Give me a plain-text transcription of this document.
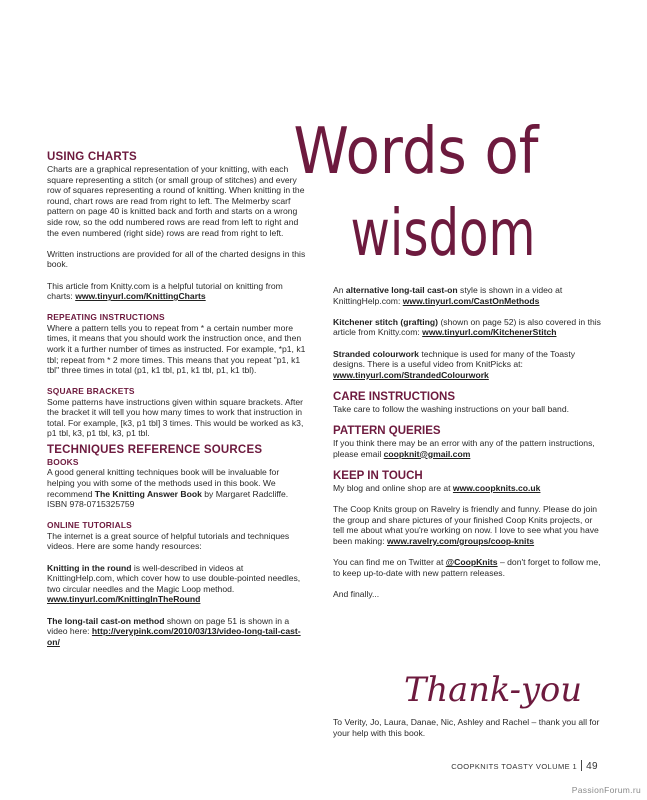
Words of
wisdom

USING CHARTS

Charts are a graphical representation of your knitting, with each square representing a stitch (or small group of stitches) and every row of squares representing a round of knitting. When knitting in the round, chart rows are read from right to left. The Melmerby scarf pattern on page 40 is knitted back and forth and starts on a wrong side row, so the odd numbered rows are read from left to right and the even numbered (right side) rows are read from right to left.

Written instructions are provided for all of the charted designs in this book.

This article from Knitty.com is a helpful tutorial on knitting from charts: www.tinyurl.com/KnittingCharts

REPEATING INSTRUCTIONS

Where a pattern tells you to repeat from * a certain number more times, it means that you should work the instruction once, and then work it a further number of times as instructed. For example, *p1, k1 tbl; repeat from * 2 more times. This means that you repeat "p1, k1 tbl" three times in total (p1, k1 tbl, p1, k1 tbl, p1, k1 tbl).

SQUARE BRACKETS

Some patterns have instructions given within square brackets. After the bracket it will tell you how many times to work that instruction in total. For example, [k3, p1 tbl] 3 times. This would be worked as k3, p1 tbl, k3, p1 tbl, k3, p1 tbl.

TECHNIQUES REFERENCE SOURCES

BOOKS

A good general knitting techniques book will be invaluable for helping you with some of the methods used in this book. We recommend The Knitting Answer Book by Margaret Radcliffe. ISBN 978-0715325759

ONLINE TUTORIALS

The internet is a great source of helpful tutorials and techniques videos. Here are some handy resources:

Knitting in the round is well-described in videos at KnittingHelp.com, which cover how to use double-pointed needles, two circular needles and the Magic Loop method. www.tinyurl.com/KnittingInTheRound

The long-tail cast-on method shown on page 51 is shown in a video here: http://verypink.com/2010/03/13/video-long-tail-cast-on/

An alternative long-tail cast-on style is shown in a video at KnittingHelp.com: www.tinyurl.com/CastOnMethods

Kitchener stitch (grafting) (shown on page 52) is also covered in this article from Knitty.com: www.tinyurl.com/KitchenerStitch

Stranded colourwork technique is used for many of the Toasty designs. There is a useful video from KnitPicks at: www.tinyurl.com/StrandedColourwork

CARE INSTRUCTIONS

Take care to follow the washing instructions on your ball band.

PATTERN QUERIES

If you think there may be an error with any of the pattern instructions, please email coopknit@gmail.com

KEEP IN TOUCH

My blog and online shop are at www.coopknits.co.uk

The Coop Knits group on Ravelry is friendly and funny. Please do join the group and share pictures of your finished Coop Knits projects, or tell me about what you're working on now. I love to see what you have been making: www.ravelry.com/groups/coop-knits

You can find me on Twitter at @CoopKnits – don't forget to follow me, to keep up-to-date with new pattern releases.

And finally...

Thank-you

To Verity, Jo, Laura, Danae, Nic, Ashley and Rachel – thank you all for your help with this book.

COOPKNITS TOASTY VOLUME 1 49
PassionForum.ru
